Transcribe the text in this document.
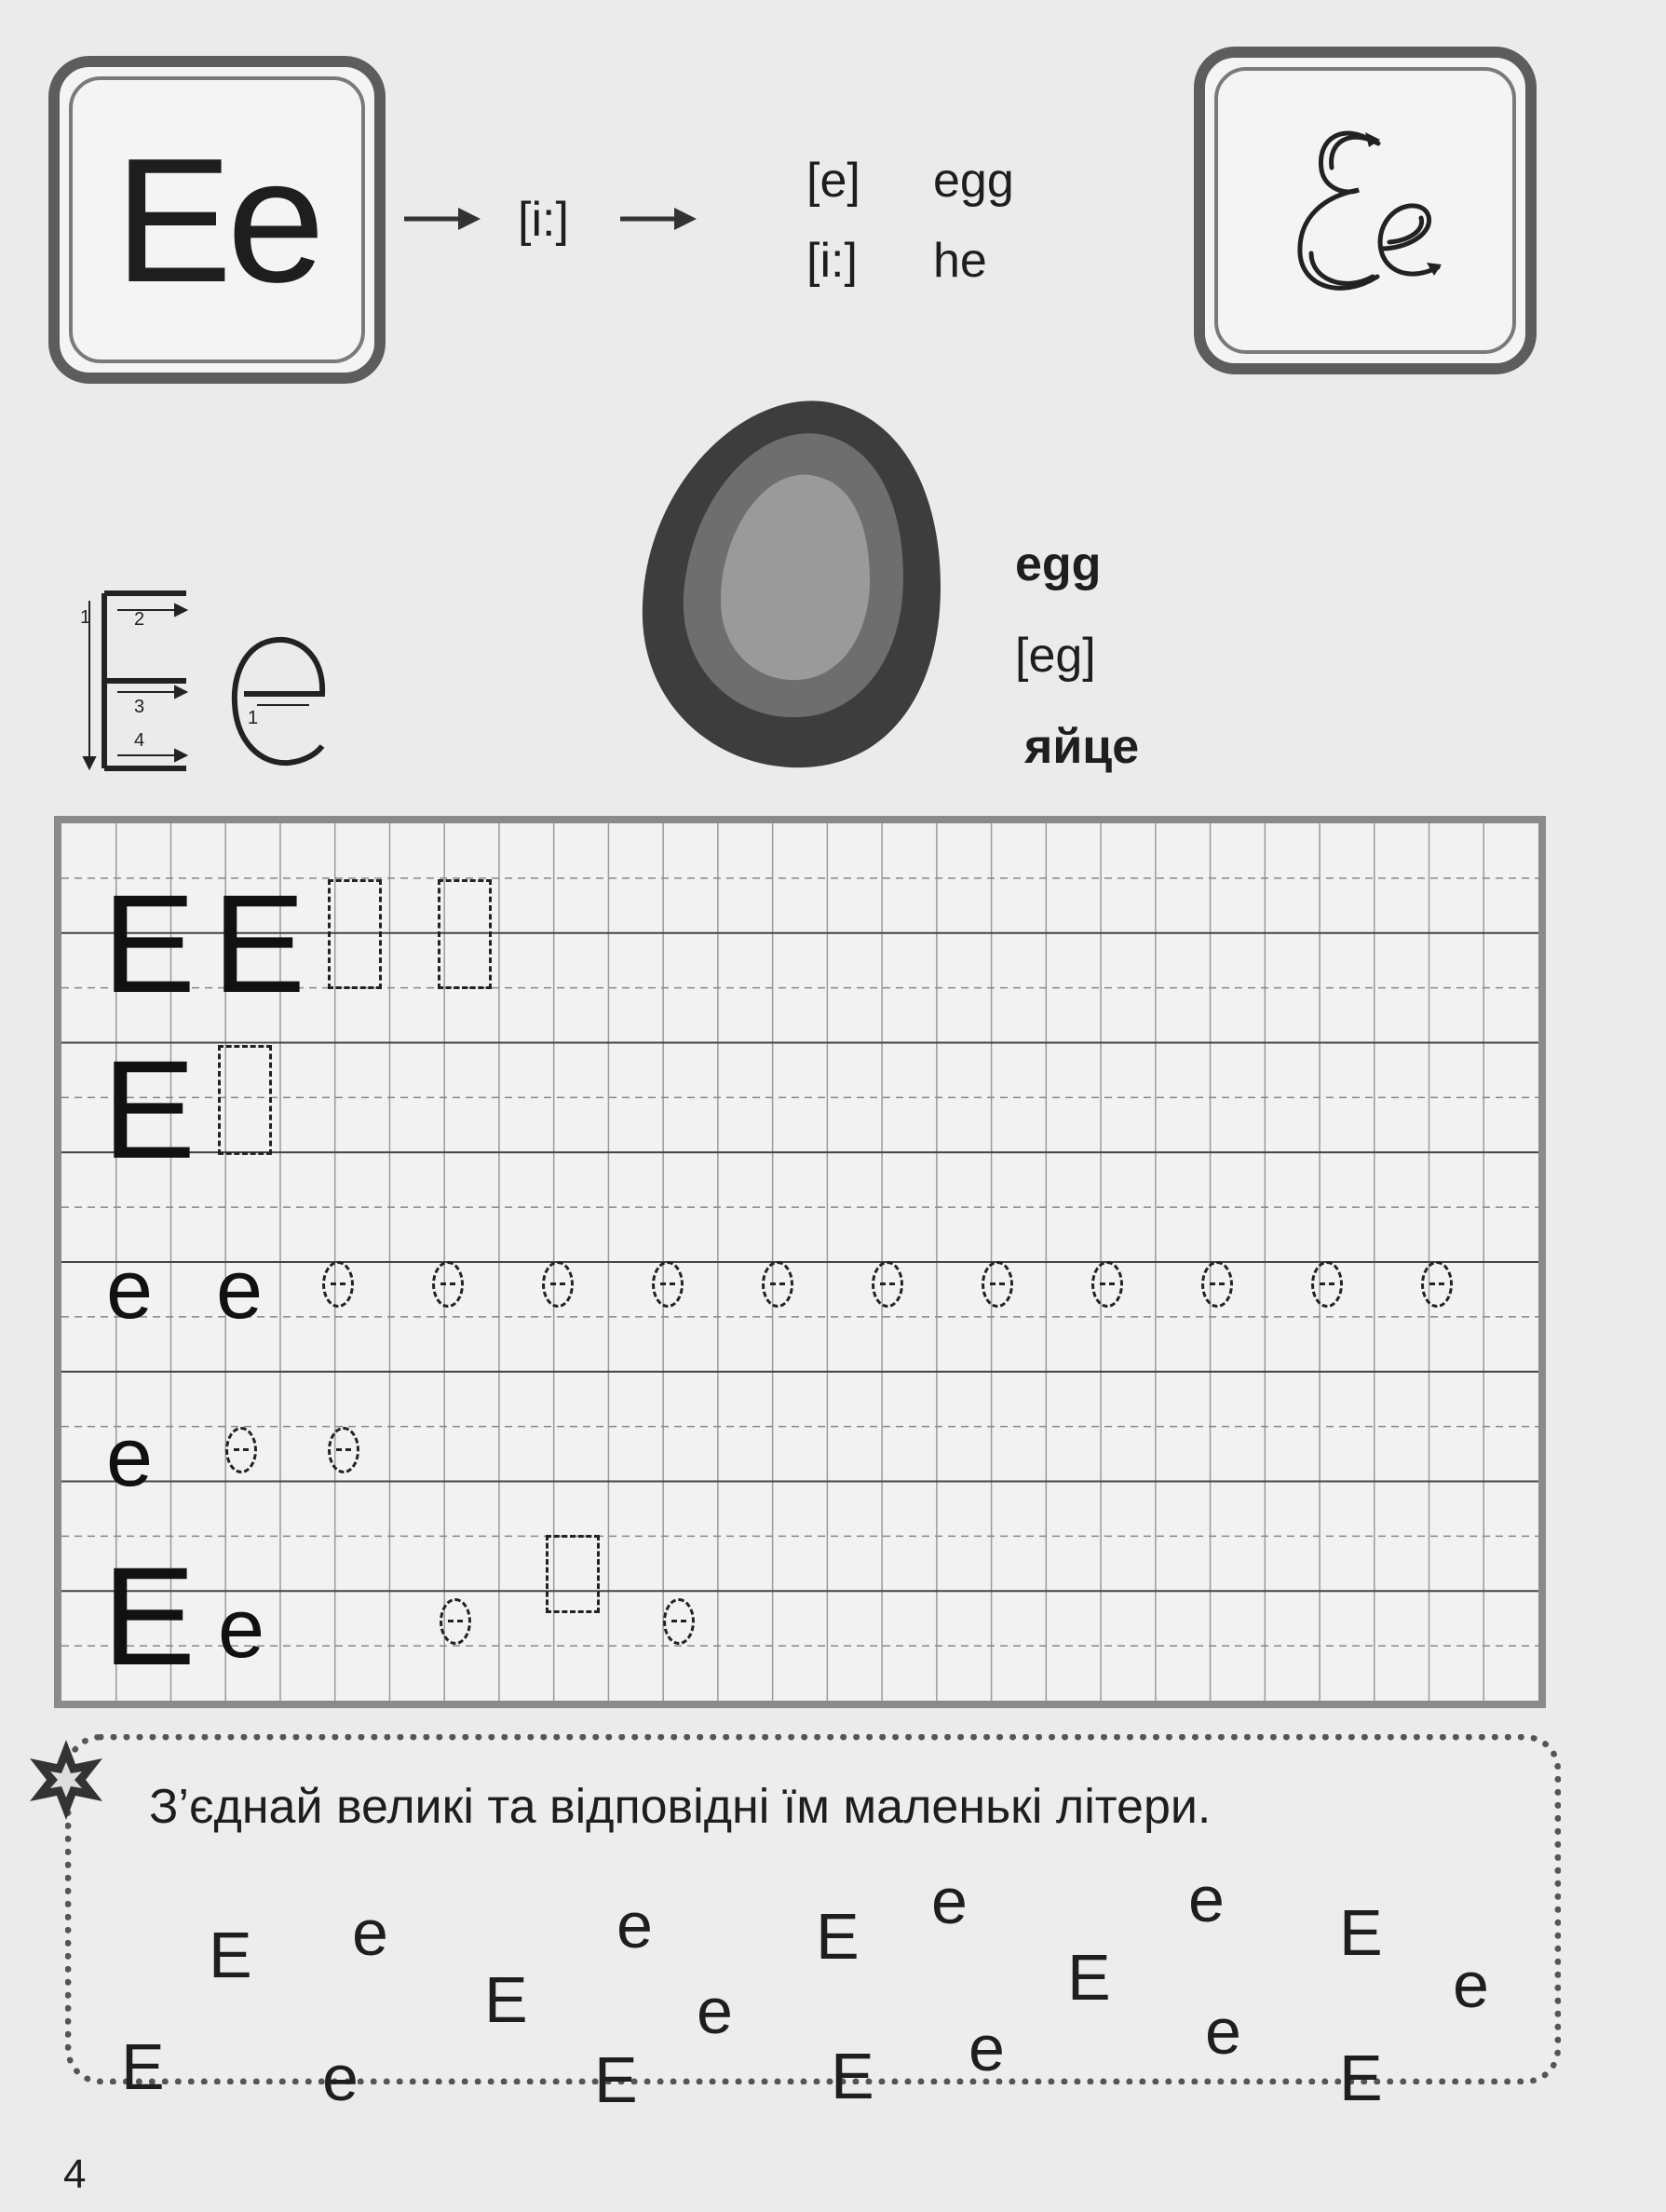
Ee	[i:]
[e] egg
[i:] he
1 2
3
4
1
egg
[eg]
яйце
E E
E
e e
e
E e
З’єднай великі та відповідні їм маленькі літери.
E e	e	E e	e E
e
E
e
E	e
E e	E	e
E	E
4
